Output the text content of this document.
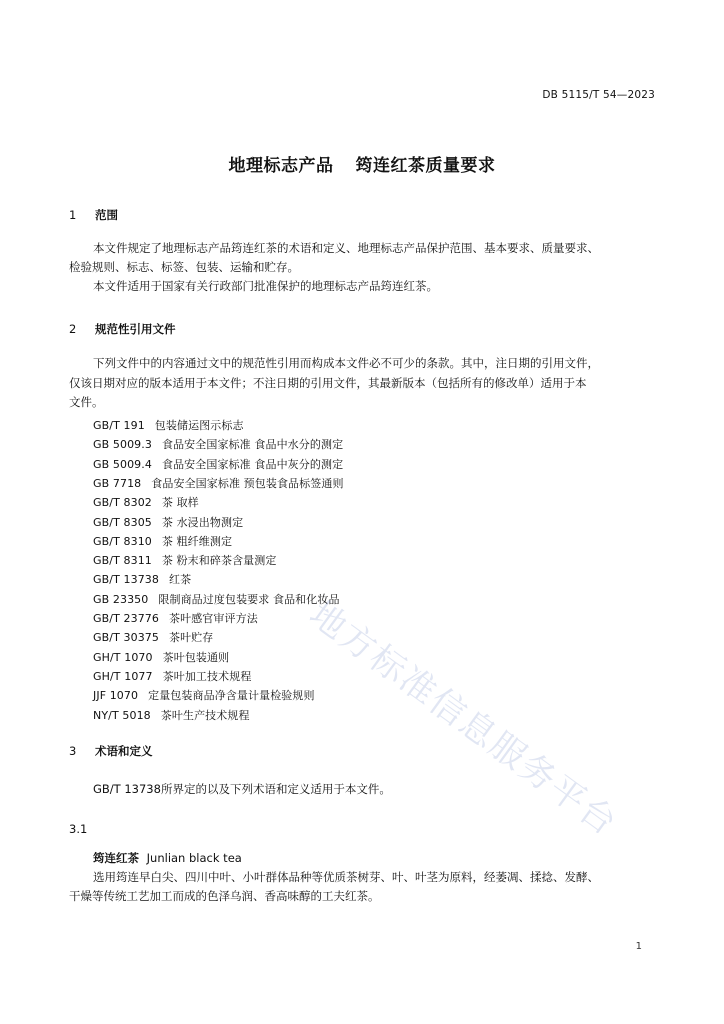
DB 5115/T 54—2023
地理标志产品 筠连红茶质量要求
1 范围
本文件规定了地理标志产品筠连红茶的术语和定义、地理标志产品保护范围、基本要求、质量要求、
检验规则、标志、标签、包装、运输和贮存。
本文件适用于国家有关行政部门批准保护的地理标志产品筠连红茶。
2 规范性引用文件
下列文件中的内容通过文中的规范性引用而构成本文件必不可少的条款。其中，注日期的引用文件，
仅该日期对应的版本适用于本文件；不注日期的引用文件，其最新版本（包括所有的修改单）适用于本
文件。
GB/T 191 包装储运图示标志
GB 5009.3 食品安全国家标准 食品中水分的测定
GB 5009.4 食品安全国家标准 食品中灰分的测定
GB 7718 食品安全国家标准 预包装食品标签通则
GB/T 8302 茶 取样
GB/T 8305 茶 水浸出物测定
GB/T 8310 茶 粗纤维测定
GB/T 8311 茶 粉末和碎茶含量测定
GB/T 13738 红茶
GB 23350 限制商品过度包装要求 食品和化妆品
GB/T 23776 茶叶感官审评方法
GB/T 30375 茶叶贮存
GH/T 1070 茶叶包装通则
GH/T 1077 茶叶加工技术规程
JJF 1070 定量包装商品净含量计量检验规则
NY/T 5018 茶叶生产技术规程
3 术语和定义
GB/T 13738所界定的以及下列术语和定义适用于本文件。
3.1
筠连红茶 Junlian black tea
选用筠连早白尖、四川中叶、小叶群体品种等优质茶树芽、叶、叶茎为原料，经萎凋、揉捻、发酵、
干燥等传统工艺加工而成的色泽乌润、香高味醇的工夫红茶。
地方标准信息服务平台
1
